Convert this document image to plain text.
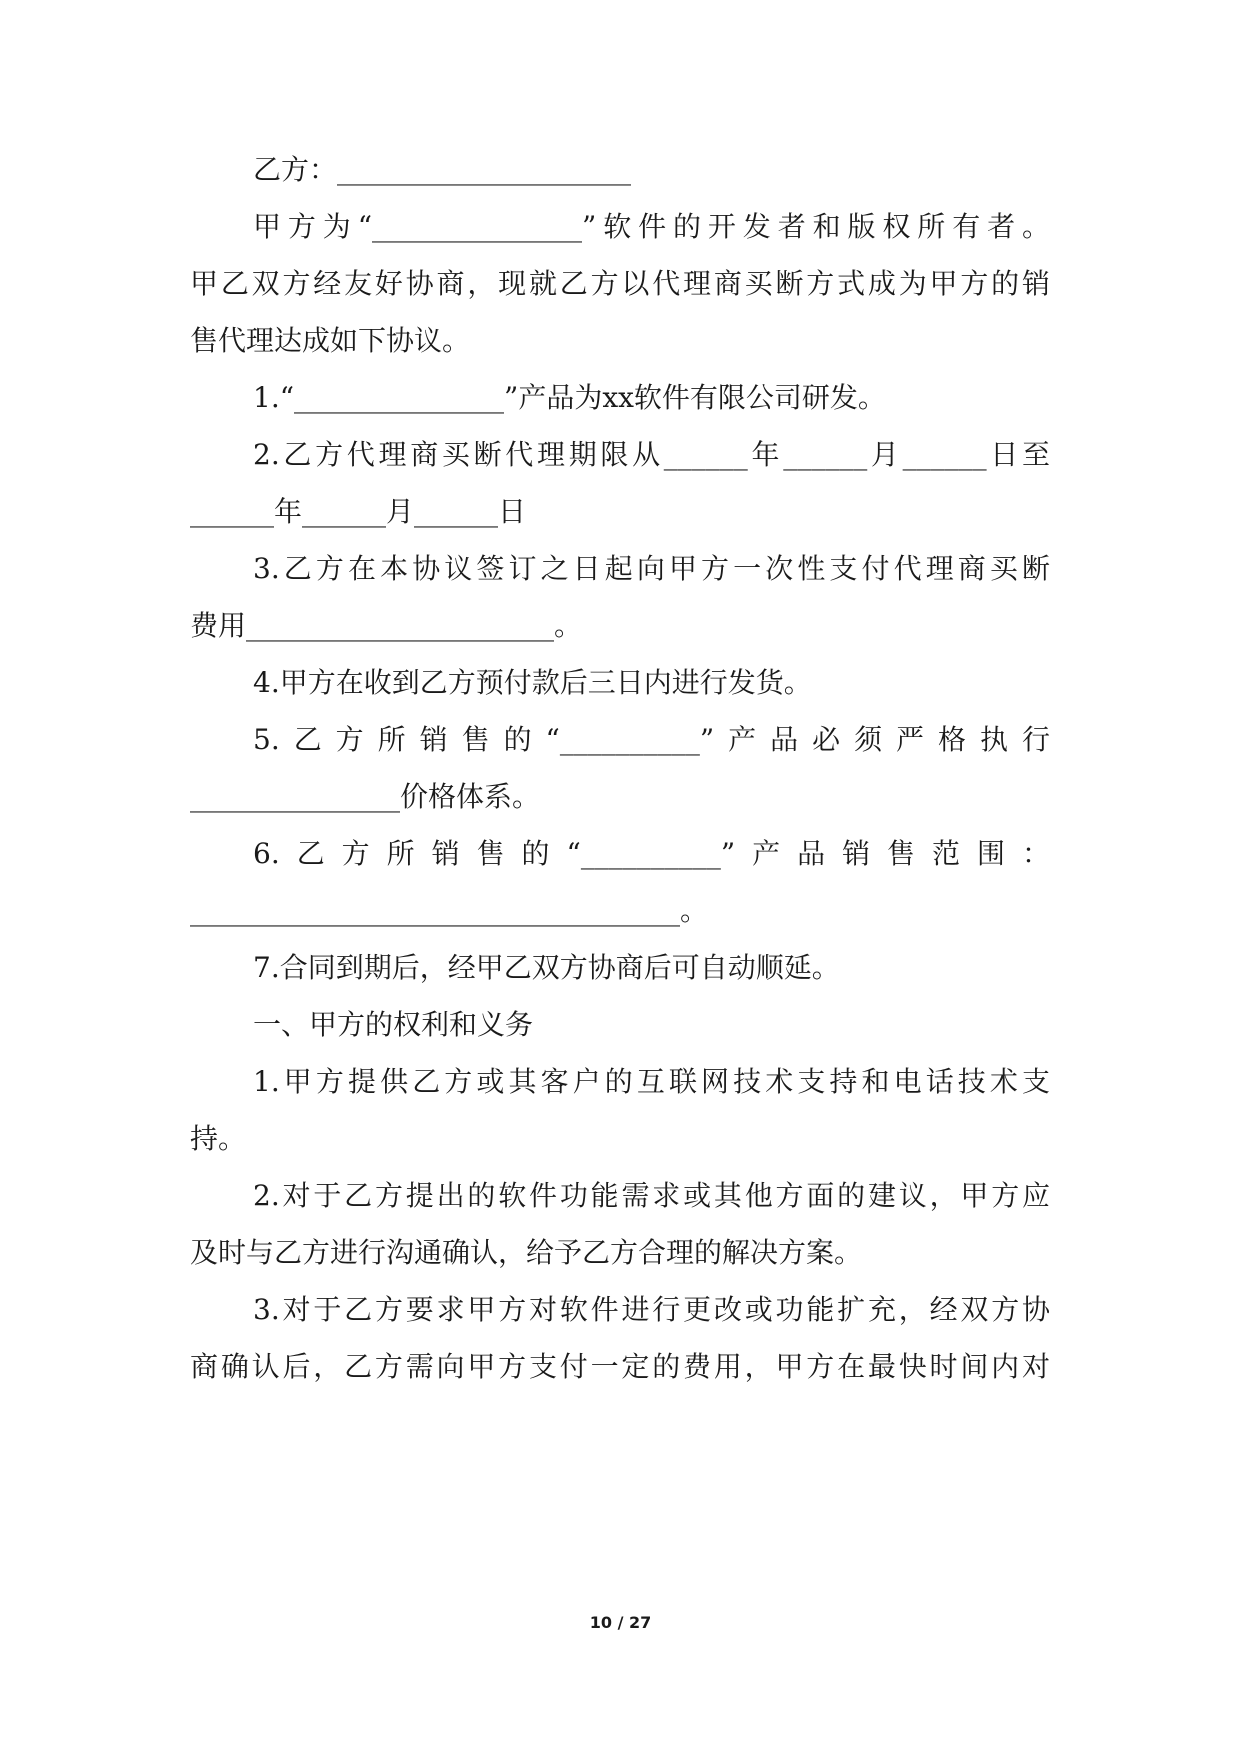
乙方：_____________________
甲方为“_______________”软件的开发者和版权所有者。
甲乙双方经友好协商，现就乙方以代理商买断方式成为甲方的销
售代理达成如下协议。
1.“_______________”产品为xx软件有限公司研发。
2.乙方代理商买断代理期限从______年______月______日至
______年______月______日
3.乙方在本协议签订之日起向甲方一次性支付代理商买断
费用______________________。
4.甲方在收到乙方预付款后三日内进行发货。
5.乙方所销售的“__________”产品必须严格执行
_______________价格体系。
6.乙方所销售的“__________”产品销售范围：
___________________________________。
7.合同到期后，经甲乙双方协商后可自动顺延。
一、甲方的权利和义务
1.甲方提供乙方或其客户的互联网技术支持和电话技术支
持。
2.对于乙方提出的软件功能需求或其他方面的建议，甲方应
及时与乙方进行沟通确认，给予乙方合理的解决方案。
3.对于乙方要求甲方对软件进行更改或功能扩充，经双方协
商确认后，乙方需向甲方支付一定的费用，甲方在最快时间内对
10 / 27
